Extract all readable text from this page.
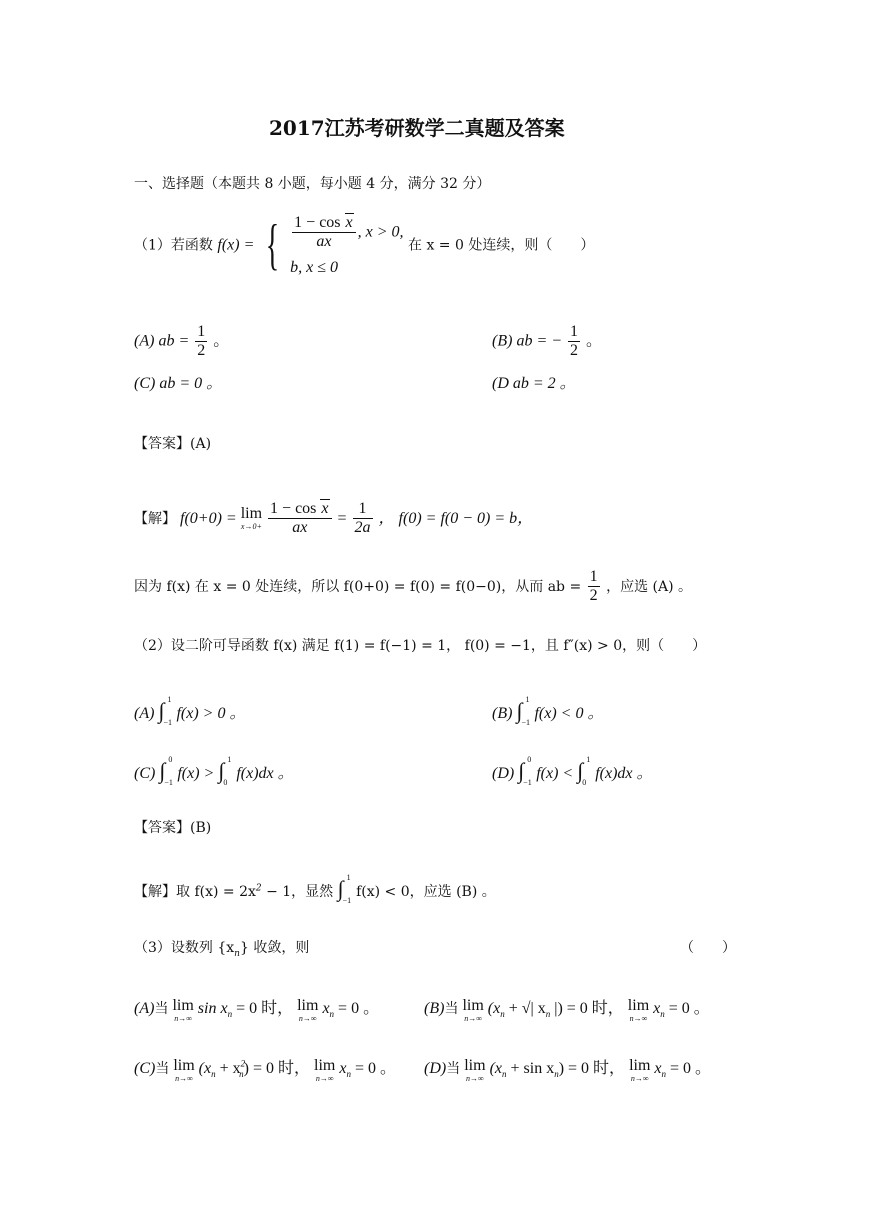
2017江苏考研数学二真题及答案
一、选择题（本题共 8 小题，每小题 4 分，满分 32 分）
（1）若函数 f(x) = { $\frac{\text{1 − cos x}}{ax}$ , x > 0,
b, x ≤ 0
在 x = 0 处连续，则（　　）
(A) ab = $\frac{1}{2}$ 。	(B) ab = − $\frac{1}{2}$ 。
(C) ab = 0 。	(D ab = 2 。
【答案】(A)
【解】 f(0+0) = lim
x→0+
$\frac{\text{1 − cos x}}{ax} = \frac{1}{2a}$ ， f(0) = f(0 − 0) = b，
因为 f(x) 在 x = 0 处连续，所以 f(0+0) = f(0) = f(0−0)，从而 ab = $\frac{1}{2}$ ，应选 (A) 。
（2）设二阶可导函数 f(x) 满足 f(1) = f(−1) = 1， f(0) = −1，且 f″(x) > 0，则（　　）
(A) ∫ 1
−1
f(x) > 0 。	(B) ∫ 1
−1
f(x) < 0 。
(C) ∫ 0
−1
f(x) > ∫ 1
0
f(x)dx 。	(D) ∫ 0
−1
f(x) < ∫ 1
0
f(x)dx 。
【答案】(B)
【解】取 $f(x) = 2x^2 - 1$，显然 ∫ 1
−1
f(x) < 0，应选 (B) 。
（3）设数列 $\{x_n\}$ 收敛，则	（　　）
(A)当 lim
n→∞
$\sin x_n = 0$ 时， lim
n→∞
$x_n = 0$ 。	(B)当 lim
n→∞
($x_n$ + √| $x_n$ |) = 0 时， lim
n→∞
$x_n = 0$ 。
(C)当 lim
n→∞
$(x_n + x^2_n) = 0$ 时， lim
n→∞
$x_n = 0$ 。 (D)当 lim
n→∞
$(x_n + \sin x_n) = 0$ 时， lim
n→∞
$x_n = 0$ 。
